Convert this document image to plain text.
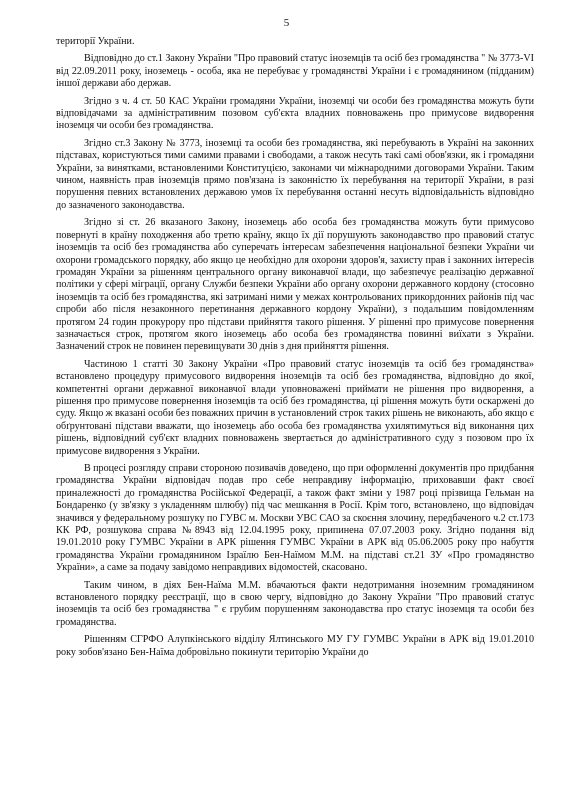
5

території України.

Відповідно до ст.1 Закону України "Про правовий статус іноземців та осіб без громадянства " № 3773-VI від 22.09.2011 року, іноземець - особа, яка не перебуває у громадянстві України і є громадянином (підданим) іншої держави або держав.

Згідно з ч. 4 ст. 50 КАС України громадяни України, іноземці чи особи без громадянства можуть бути відповідачами за адміністративним позовом суб'єкта владних повноважень про примусове видворення іноземця чи особи без громадянства.

Згідно ст.3 Закону № 3773, іноземці та особи без громадянства, які перебувають в Україні на законних підставах, користуються тими самими правами і свободами, а також несуть такі самі обов'язки, як і громадяни України, за винятками, встановленими Конституцією, законами чи міжнародними договорами України. Таким чином, наявність прав іноземців прямо пов'язана із законністю їх перебування на території України, в разі порушення певних встановлених державою умов їх перебування останні несуть відповідальність відповідно до зазначеного законодавства.

Згідно зі ст. 26 вказаного Закону, іноземець або особа без громадянства можуть бути примусово повернуті в країну походження або третю країну, якщо їх дії порушують законодавство про правовий статус іноземців та осіб без громадянства або суперечать інтересам забезпечення національної безпеки України чи охорони громадського порядку, або якщо це необхідно для охорони здоров'я, захисту прав і законних інтересів громадян України за рішенням центрального органу виконавчої влади, що забезпечує реалізацію державної політики у сфері міграції, органу Служби безпеки України або органу охорони державного кордону (стосовно іноземців та осіб без громадянства, які затримані ними у межах контрольованих прикордонних районів під час спроби або після незаконного перетинання державного кордону України), з подальшим повідомленням протягом 24 годин прокурору про підстави прийняття такого рішення. У рішенні про примусове повернення зазначається строк, протягом якого іноземець або особа без громадянства повинні виїхати з України. Зазначений строк не повинен перевищувати 30 днів з дня прийняття рішення.

Частиною 1 статті 30 Закону України «Про правовий статус іноземців та осіб без громадянства» встановлено процедуру примусового видворення іноземців та осіб без громадянства, відповідно до якої, компетентні органи державної виконавчої влади уповноважені приймати не рішення про видворення, а рішення про примусове повернення іноземців та осіб без громадянства, ці рішення можуть бути оскаржені до суду. Якщо ж вказані особи без поважних причин в установлений строк таких рішень не виконають, або якщо є обґрунтовані підстави вважати, що іноземець або особа без громадянства ухилятимуться від виконання цих рішень, відповідний суб'єкт владних повноважень звертається до адміністративного суду з позовом про їх примусове видворення з України.

В процесі розгляду справи стороною позивачів доведено, що при оформленні документів про придбання громадянства України відповідач подав про себе неправдиву інформацію, приховавши факт своєї приналежності до громадянства Російської Федерації, а також факт зміни у 1987 році прізвища Гельман на Бондаренко (у зв'язку з укладенням шлюбу) під час мешкання в Росії. Крім того, встановлено, що відповідач значився у федеральному розшуку по ГУВС м. Москви УВС САО за скоєння злочину, передбаченого ч.2 ст.173 КК РФ, розшукова справа №8943 від 12.04.1995 року, припинена 07.07.2003 року. Згідно подання від 19.01.2010 року ГУМВС України в АРК рішення ГУМВС України в АРК від 05.06.2005 року про набуття громадянства України громадянином Ізраїлю Бен-Наїмом М.М. на підставі ст.21 ЗУ «Про громадянство України», а саме за подачу завідомо неправдивих відомостей, скасовано.

Таким чином, в діях Бен-Наїма М.М. вбачаються факти недотримання іноземним громадянином встановленого порядку реєстрації, що в свою чергу, відповідно до Закону України "Про правовий статус іноземців та осіб без громадянства " є грубим порушенням законодавства про статус іноземця та особи без громадянства.

Рішенням СГРФО Алупкінського відділу Ялтинського МУ ГУ ГУМВС України в АРК від 19.01.2010 року зобов'язано Бен-Наїма добровільно покинути територію України до
